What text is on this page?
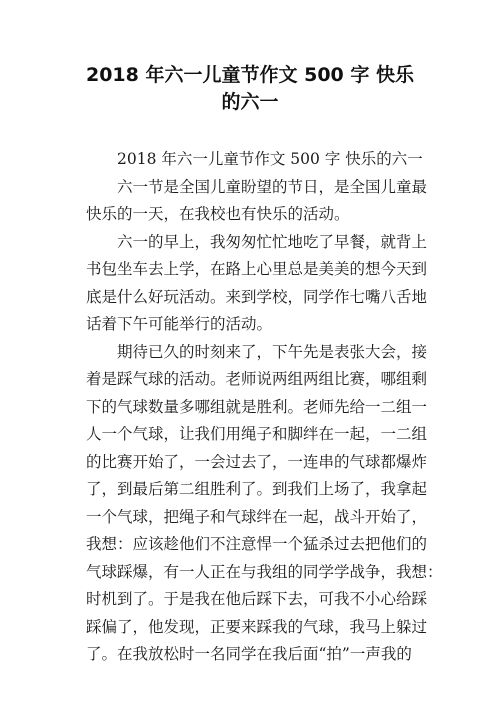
2018 年六一儿童节作文 500 字 快乐
的六一

2018 年六一儿童节作文 500 字 快乐的六一

六一节是全国儿童盼望的节日，是全国儿童最
快乐的一天，在我校也有快乐的活动。

六一的早上，我匆匆忙忙地吃了早餐，就背上
书包坐车去上学，在路上心里总是美美的想今天到
底是什么好玩活动。来到学校，同学作七嘴八舌地
话着下午可能举行的活动。

期待已久的时刻来了，下午先是表张大会，接
着是踩气球的活动。老师说两组两组比赛，哪组剩
下的气球数量多哪组就是胜利。老师先给一二组一
人一个气球，让我们用绳子和脚绊在一起，一二组
的比赛开始了，一会过去了，一连串的气球都爆炸
了，到最后第二组胜利了。到我们上场了，我拿起
一个气球，把绳子和气球绊在一起，战斗开始了，
我想：应该趁他们不注意悍一个猛杀过去把他们的
气球踩爆，有一人正在与我组的同学学战争，我想：
时机到了。于是我在他后踩下去，可我不小心给踩
踩偏了，他发现，正要来踩我的气球，我马上躲过
了。在我放松时一名同学在我后面“拍”一声我的
